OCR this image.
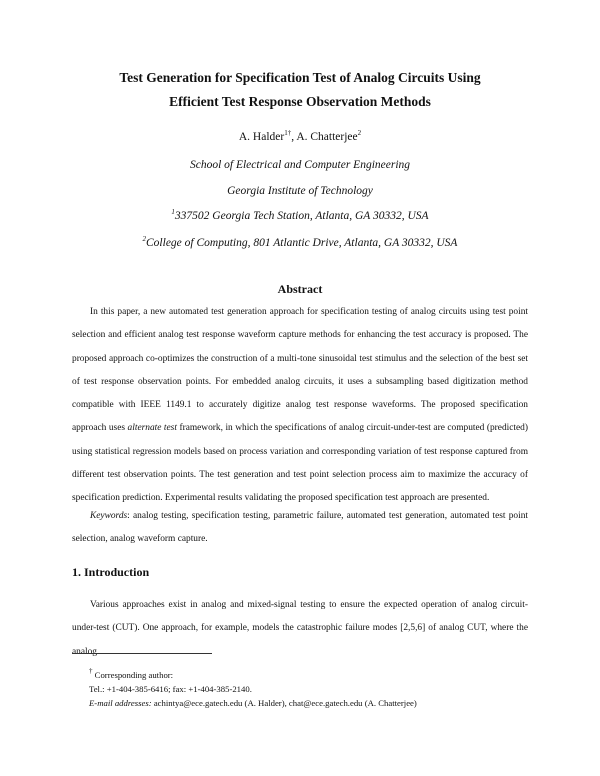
Test Generation for Specification Test of Analog Circuits Using
Efficient Test Response Observation Methods
A. Halder$^{1\dagger}$, A. Chatterjee$^2$
School of Electrical and Computer Engineering
Georgia Institute of Technology
$^1$337502 Georgia Tech Station, Atlanta, GA 30332, USA
$^2$College of Computing, 801 Atlantic Drive, Atlanta, GA 30332, USA
Abstract

In this paper, a new automated test generation approach for specification testing of analog circuits using test point selection and efficient analog test response waveform capture methods for enhancing the test accuracy is proposed. The proposed approach co-optimizes the construction of a multi-tone sinusoidal test stimulus and the selection of the best set of test response observation points. For embedded analog circuits, it uses a subsampling based digitization method compatible with IEEE 1149.1 to accurately digitize analog test response waveforms. The proposed specification approach uses alternate test framework, in which the specifications of analog circuit-under-test are computed (predicted) using statistical regression models based on process variation and corresponding variation of test response captured from different test observation points. The test generation and test point selection process aim to maximize the accuracy of specification prediction. Experimental results validating the proposed specification test approach are presented.

Keywords: analog testing, specification testing, parametric failure, automated test generation, automated test point selection, analog waveform capture.

1. Introduction

Various approaches exist in analog and mixed-signal testing to ensure the expected operation of analog circuit-under-test (CUT). One approach, for example, models the catastrophic failure modes [2,5,6] of analog CUT, where the analog

† Corresponding author:
Tel.: +1-404-385-6416; fax: +1-404-385-2140.
E-mail addresses: achintya@ece.gatech.edu (A. Halder), chat@ece.gatech.edu (A. Chatterjee)
